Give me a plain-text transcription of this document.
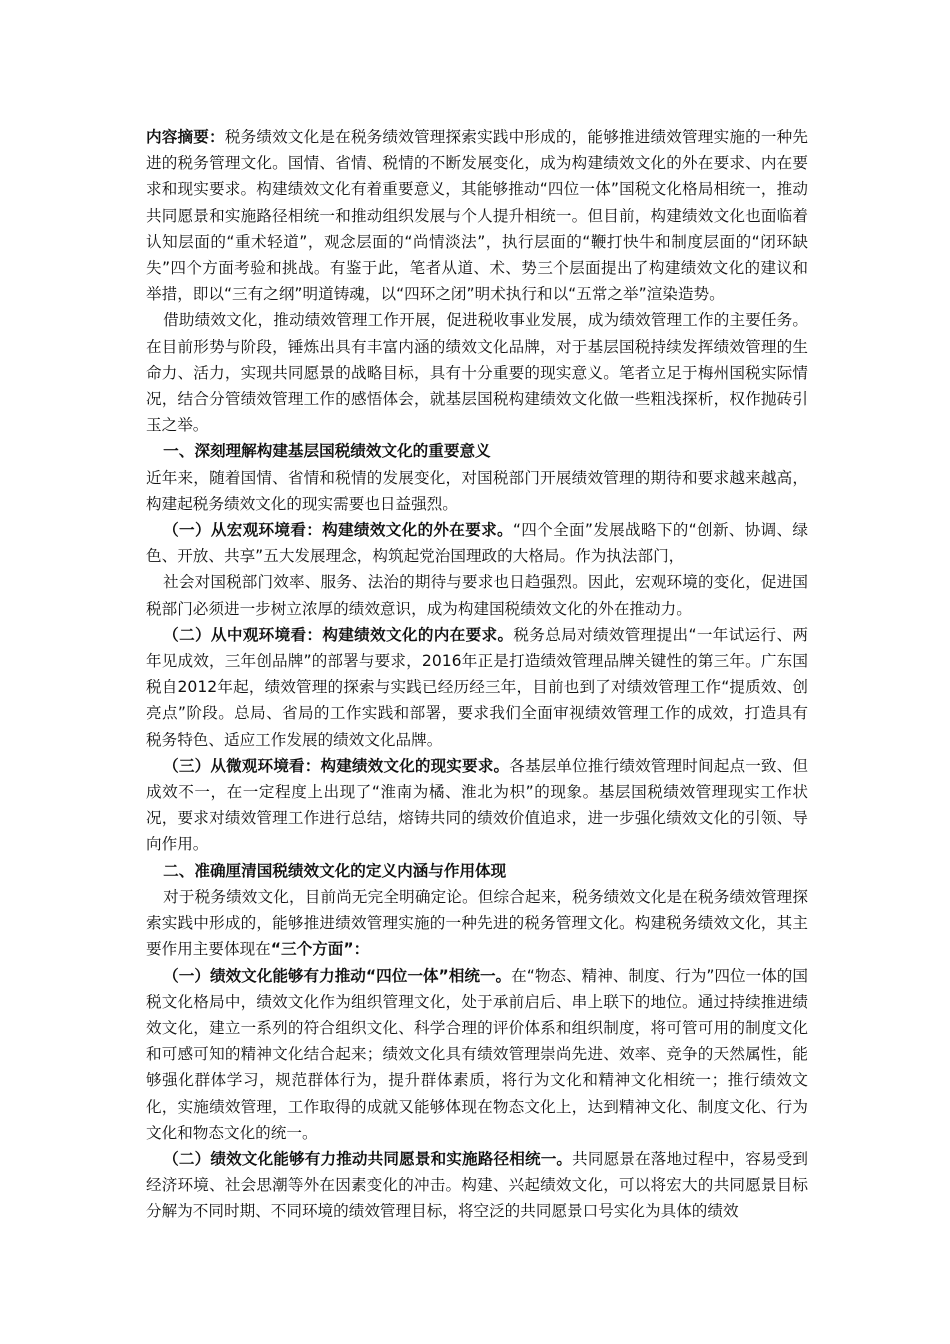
内容摘要：税务绩效文化是在税务绩效管理探索实践中形成的，能够推进绩效管理实施的一种先进的税务管理文化。国情、省情、税情的不断发展变化，成为构建绩效文化的外在要求、内在要求和现实要求。构建绩效文化有着重要意义，其能够推动“四位一体”国税文化格局相统一，推动共同愿景和实施路径相统一和推动组织发展与个人提升相统一。但目前，构建绩效文化也面临着认知层面的“重术轻道”，观念层面的“尚情淡法”，执行层面的“鞭打快牛和制度层面的“闭环缺失”四个方面考验和挑战。有鉴于此，笔者从道、术、势三个层面提出了构建绩效文化的建议和举措，即以“三有之纲”明道铸魂，以“四环之闭”明术执行和以“五常之举”渲染造势。

借助绩效文化，推动绩效管理工作开展，促进税收事业发展，成为绩效管理工作的主要任务。在目前形势与阶段，锤炼出具有丰富内涵的绩效文化品牌，对于基层国税持续发挥绩效管理的生命力、活力，实现共同愿景的战略目标，具有十分重要的现实意义。笔者立足于梅州国税实际情况，结合分管绩效管理工作的感悟体会，就基层国税构建绩效文化做一些粗浅探析，权作抛砖引玉之举。

一、深刻理解构建基层国税绩效文化的重要意义

近年来，随着国情、省情和税情的发展变化，对国税部门开展绩效管理的期待和要求越来越高，构建起税务绩效文化的现实需要也日益强烈。

（一）从宏观环境看：构建绩效文化的外在要求。“四个全面”发展战略下的“创新、协调、绿色、开放、共享”五大发展理念，构筑起党治国理政的大格局。作为执法部门，

社会对国税部门效率、服务、法治的期待与要求也日趋强烈。因此，宏观环境的变化，促进国税部门必须进一步树立浓厚的绩效意识，成为构建国税绩效文化的外在推动力。

（二）从中观环境看：构建绩效文化的内在要求。税务总局对绩效管理提出“一年试运行、两年见成效，三年创品牌”的部署与要求，2016年正是打造绩效管理品牌关键性的第三年。广东国税自2012年起，绩效管理的探索与实践已经历经三年，目前也到了对绩效管理工作“提质效、创亮点”阶段。总局、省局的工作实践和部署，要求我们全面审视绩效管理工作的成效，打造具有税务特色、适应工作发展的绩效文化品牌。

（三）从微观环境看：构建绩效文化的现实要求。各基层单位推行绩效管理时间起点一致、但成效不一，在一定程度上出现了“淮南为橘、淮北为枳”的现象。基层国税绩效管理现实工作状况，要求对绩效管理工作进行总结，熔铸共同的绩效价值追求，进一步强化绩效文化的引领、导向作用。

二、准确厘清国税绩效文化的定义内涵与作用体现

对于税务绩效文化，目前尚无完全明确定论。但综合起来，税务绩效文化是在税务绩效管理探索实践中形成的，能够推进绩效管理实施的一种先进的税务管理文化。构建税务绩效文化，其主要作用主要体现在“三个方面”：

（一）绩效文化能够有力推动“四位一体”相统一。在“物态、精神、制度、行为”四位一体的国税文化格局中，绩效文化作为组织管理文化，处于承前启后、串上联下的地位。通过持续推进绩效文化，建立一系列的符合组织文化、科学合理的评价体系和组织制度，将可管可用的制度文化和可感可知的精神文化结合起来；绩效文化具有绩效管理崇尚先进、效率、竞争的天然属性，能够强化群体学习，规范群体行为，提升群体素质，将行为文化和精神文化相统一；推行绩效文化，实施绩效管理，工作取得的成就又能够体现在物态文化上，达到精神文化、制度文化、行为文化和物态文化的统一。

（二）绩效文化能够有力推动共同愿景和实施路径相统一。共同愿景在落地过程中，容易受到经济环境、社会思潮等外在因素变化的冲击。构建、兴起绩效文化，可以将宏大的共同愿景目标分解为不同时期、不同环境的绩效管理目标，将空泛的共同愿景口号实化为具体的绩效
